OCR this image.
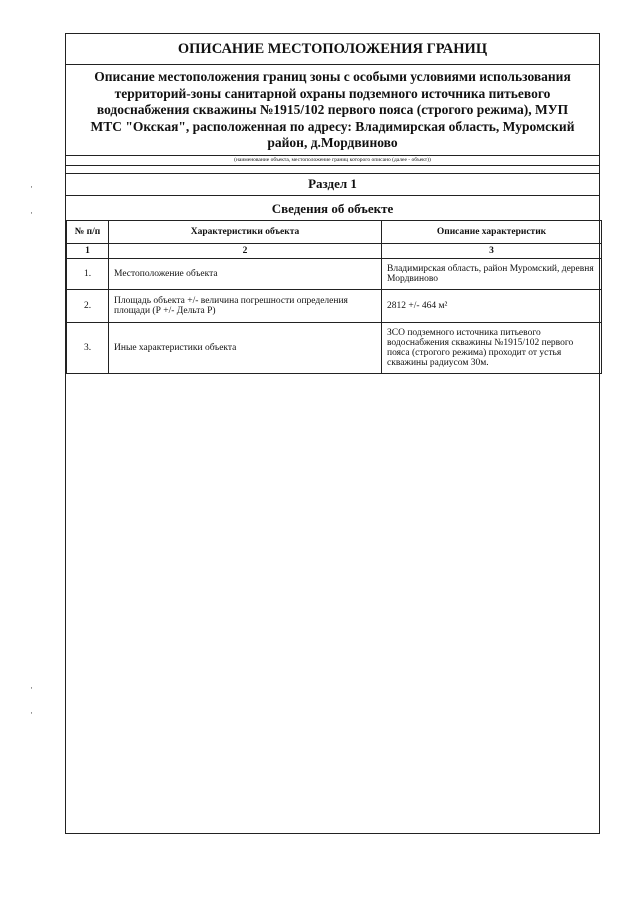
ОПИСАНИЕ МЕСТОПОЛОЖЕНИЯ ГРАНИЦ
Описание местоположения границ зоны с особыми условиями использования территорий-зоны санитарной охраны подземного источника питьевого водоснабжения скважины №1915/102 первого пояса (строгого режима), МУП МТС "Окская", расположенная по адресу: Владимирская область, Муромский район, д.Мордвиново
(наименование объекта, местоположение границ которого описано (далее - объект))
Раздел 1
Сведения об объекте
№ п/п	Характеристики объекта	Описание характеристик
1	2	3
1.	Местоположение объекта	Владимирская область, район Муромский, деревня Мордвиново
2.	Площадь объекта +/- величина погрешности определения площади (Р +/- Дельта Р)	2812 +/- 464 м²
3.	Иные характеристики объекта	ЗСО подземного источника питьевого водоснабжения скважины №1915/102 первого пояса (строгого режима) проходит от устья скважины радиусом 30м.
·
·
·
·
